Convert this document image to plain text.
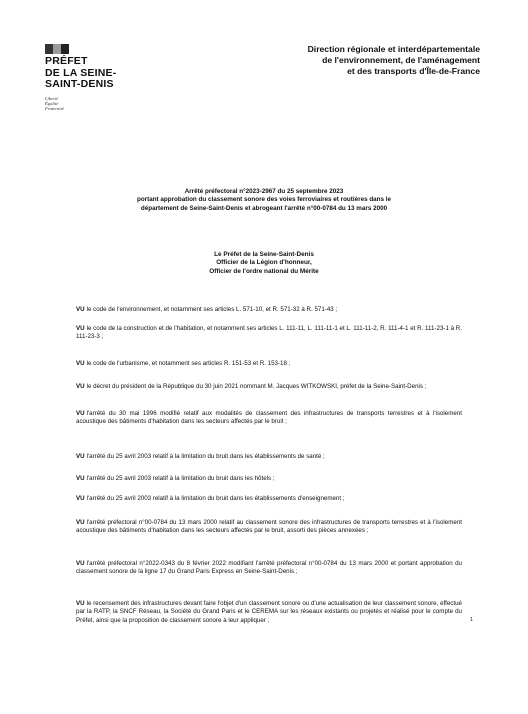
PRÉFET
DE LA SEINE-
SAINT-DENIS
Liberté
Égalité
Fraternité
Direction régionale et interdépartementale
de l'environnement, de l'aménagement
et des transports d'Île-de-France
Arrêté préfectoral n°2023-2967 du 25 septembre 2023
portant approbation du classement sonore des voies ferroviaires et routières dans le
département de Seine-Saint-Denis et abrogeant l'arrêté n°00-0784 du 13 mars 2000
Le Préfet de la Seine-Saint-Denis
Officier de la Légion d'honneur,
Officier de l'ordre national du Mérite

VU le code de l'environnement, et notamment ses articles L. 571-10, et R. 571-32 à R. 571-43 ;

VU le code de la construction et de l'habitation, et notamment ses articles L. 111-11, L. 111-11-1 et L. 111-11-2, R. 111-4-1 et R. 111-23-1 à R. 111-23-3 ;

VU le code de l'urbanisme, et notamment ses articles R. 151-53 et R. 153-18 ;

VU le décret du président de la République du 30 juin 2021 nommant M. Jacques WITKOWSKI, préfet de la Seine-Saint-Denis ;

VU l'arrêté du 30 mai 1996 modifié relatif aux modalités de classement des infrastructures de transports terrestres et à l'isolement acoustique des bâtiments d'habitation dans les secteurs affectés par le bruit ;

VU l'arrêté du 25 avril 2003 relatif à la limitation du bruit dans les établissements de santé ;

VU l'arrêté du 25 avril 2003 relatif à la limitation du bruit dans les hôtels ;

VU l'arrêté du 25 avril 2003 relatif à la limitation du bruit dans les établissements d'enseignement ;

VU l'arrêté préfectoral n°00-0784 du 13 mars 2000 relatif au classement sonore des infrastructures de transports terrestres et à l'isolement acoustique des bâtiments d'habitation dans les secteurs affectés par le bruit, assorti des pièces annexées ;

VU l'arrêté préfectoral n°2022-0343 du 8 février 2022 modifiant l'arrêté préfectoral n°00-0784 du 13 mars 2000 et portant approbation du classement sonore de la ligne 17 du Grand Paris Express en Seine-Saint-Denis ;

VU le recensement des infrastructures devant faire l'objet d'un classement sonore ou d'une actualisation de leur classement sonore, effectué par la RATP, la SNCF Réseau, la Société du Grand Paris et le CEREMA sur les réseaux existants ou projetés et réalisé pour le compte du Préfet, ainsi que la proposition de classement sonore à leur appliquer ;	1
